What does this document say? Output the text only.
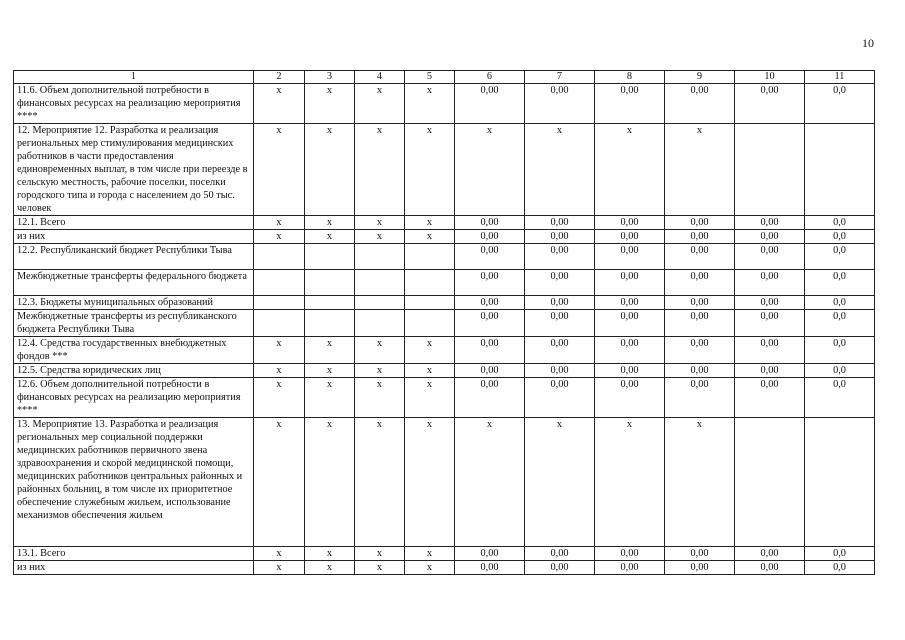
10
1	2	3	4	5	6	7	8	9	10	11
11.6. Объем дополнительной потребности в финансовых ресурсах на реализацию мероприятия ****	х	х	х	х	0,00	0,00	0,00	0,00	0,00	0,0
12. Мероприятие 12. Разработка и реализация региональных мер стимулирования медицинских работников в части предоставления единовременных выплат, в том числе при переезде в сельскую местность, рабочие поселки, поселки городского типа и города с населением до 50 тыс. человек	х	х	х	х	х	х	х	х		
12.1. Всего	х	х	х	х	0,00	0,00	0,00	0,00	0,00	0,0
из них	х	х	х	х	0,00	0,00	0,00	0,00	0,00	0,0
12.2. Республиканский бюджет Республики Тыва					0,00	0,00	0,00	0,00	0,00	0,0
Межбюджетные трансферты федерального бюджета					0,00	0,00	0,00	0,00	0,00	0,0
12.3. Бюджеты муниципальных образований					0,00	0,00	0,00	0,00	0,00	0,0
Межбюджетные трансферты из республиканского бюджета Республики Тыва					0,00	0,00	0,00	0,00	0,00	0,0
12.4. Средства государственных внебюджетных фондов ***	х	х	х	х	0,00	0,00	0,00	0,00	0,00	0,0
12.5. Средства юридических лиц	х	х	х	х	0,00	0,00	0,00	0,00	0,00	0,0
12.6. Объем дополнительной потребности в финансовых ресурсах на реализацию мероприятия ****	х	х	х	х	0,00	0,00	0,00	0,00	0,00	0,0
13. Мероприятие 13. Разработка и реализация региональных мер социальной поддержки медицинских работников первичного звена здравоохранения и скорой медицинской помощи, медицинских работников центральных районных и районных больниц, в том числе их приоритетное обеспечение служебным жильем, использование механизмов обеспечения жильем	х	х	х	х	х	х	х	х		
13.1. Всего	х	х	х	х	0,00	0,00	0,00	0,00	0,00	0,0
из них	х	х	х	х	0,00	0,00	0,00	0,00	0,00	0,0
